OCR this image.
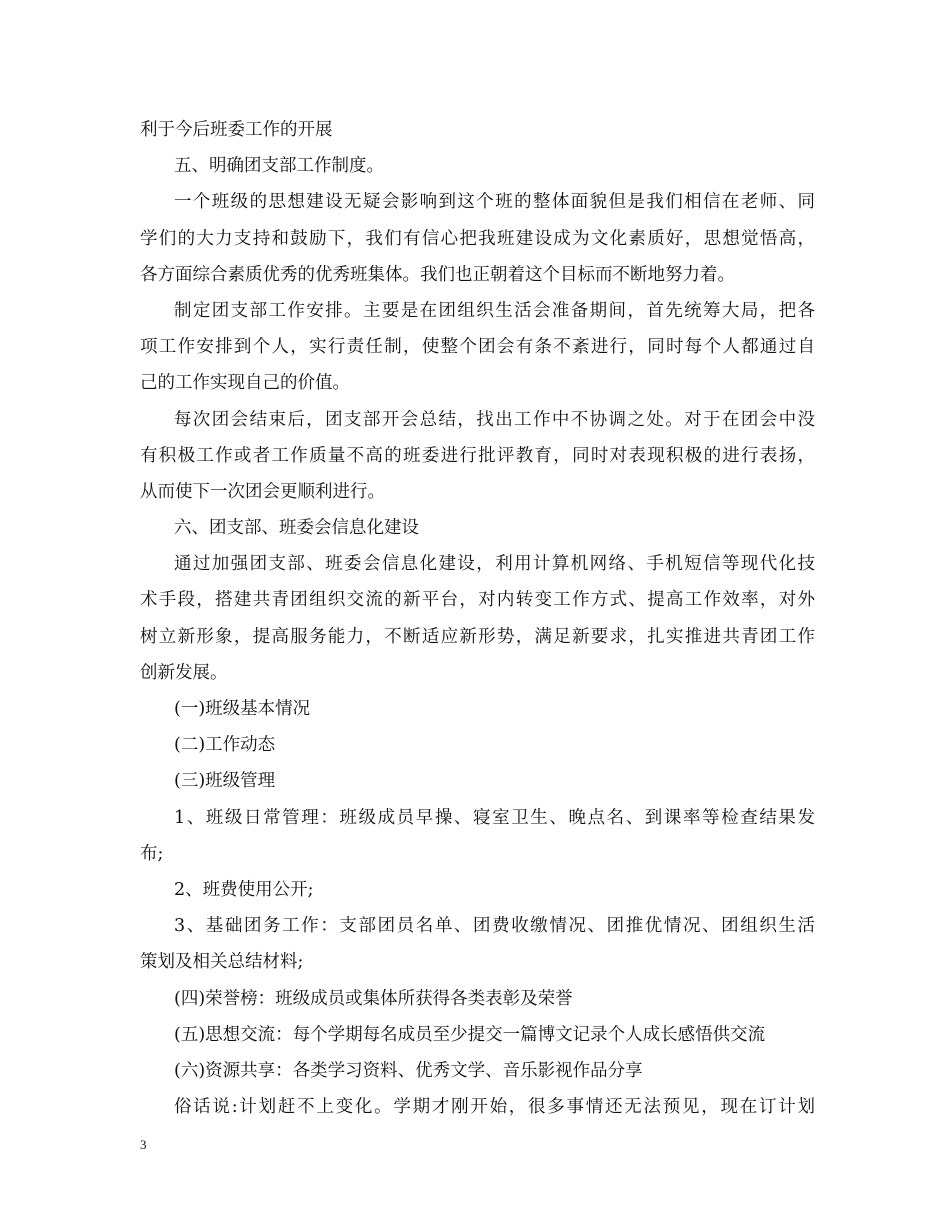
利于今后班委工作的开展
五、明确团支部工作制度。
一个班级的思想建设无疑会影响到这个班的整体面貌但是我们相信在老师、同
学们的大力支持和鼓励下，我们有信心把我班建设成为文化素质好，思想觉悟高，
各方面综合素质优秀的优秀班集体。我们也正朝着这个目标而不断地努力着。
制定团支部工作安排。主要是在团组织生活会准备期间，首先统筹大局，把各
项工作安排到个人，实行责任制，使整个团会有条不紊进行，同时每个人都通过自
己的工作实现自己的价值。
每次团会结束后，团支部开会总结，找出工作中不协调之处。对于在团会中没
有积极工作或者工作质量不高的班委进行批评教育，同时对表现积极的进行表扬，
从而使下一次团会更顺利进行。
六、团支部、班委会信息化建设
通过加强团支部、班委会信息化建设，利用计算机网络、手机短信等现代化技
术手段，搭建共青团组织交流的新平台，对内转变工作方式、提高工作效率，对外
树立新形象，提高服务能力，不断适应新形势，满足新要求，扎实推进共青团工作
创新发展。
(一)班级基本情况
(二)工作动态
(三)班级管理
1、班级日常管理：班级成员早操、寝室卫生、晚点名、到课率等检查结果发
布;
2、班费使用公开;
3、基础团务工作：支部团员名单、团费收缴情况、团推优情况、团组织生活
策划及相关总结材料;
(四)荣誉榜：班级成员或集体所获得各类表彰及荣誉
(五)思想交流：每个学期每名成员至少提交一篇博文记录个人成长感悟供交流
(六)资源共享：各类学习资料、优秀文学、音乐影视作品分享
俗话说:计划赶不上变化。学期才刚开始，很多事情还无法预见，现在订计划
3
